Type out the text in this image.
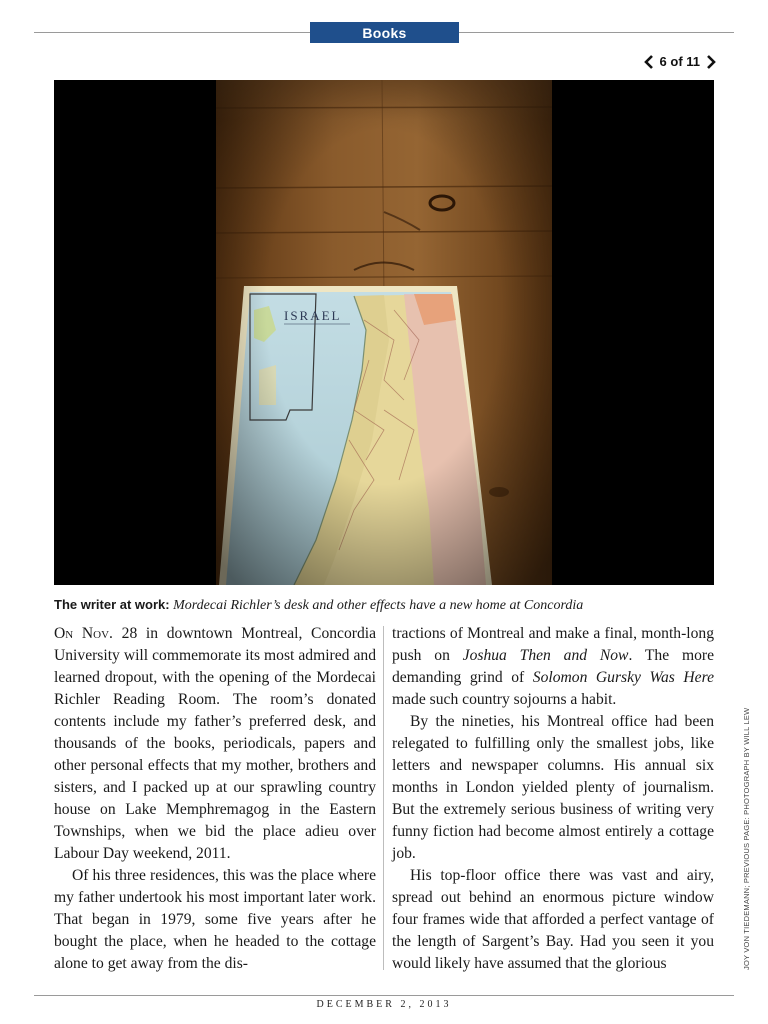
Books
6 of 11
The writer at work: Mordecai Richler’s desk and other effects have a new home at Concordia

On Nov. 28 in downtown Montreal, Concordia University will commemorate its most admired and learned dropout, with the opening of the Mordecai Richler Reading Room. The room’s donated contents include my father’s preferred desk, and thousands of the books, periodicals, papers and other personal effects that my mother, brothers and sisters, and I packed up at our sprawling country house on Lake Memphremagog in the Eastern Townships, when we bid the place adieu over Labour Day weekend, 2011.

Of his three residences, this was the place where my father undertook his most important later work. That began in 1979, some five years after he bought the place, when he headed to the cottage alone to get away from the dis-

tractions of Montreal and make a final, month-long push on Joshua Then and Now. The more demanding grind of Solomon Gursky Was Here made such country sojourns a habit.

By the nineties, his Montreal office had been relegated to fulfilling only the smallest jobs, like letters and newspaper columns. His annual six months in London yielded plenty of journalism. But the extremely serious business of writing very funny fiction had become almost entirely a cottage job.

His top-floor office there was vast and airy, spread out behind an enormous picture window four frames wide that afforded a perfect vantage of the length of Sargent’s Bay. Had you seen it you would likely have assumed that the glorious	JOY VON TIEDEMANN; PREVIOUS PAGE: PHOTOGRAPH BY WILL LEW
DECEMBER 2, 2013
